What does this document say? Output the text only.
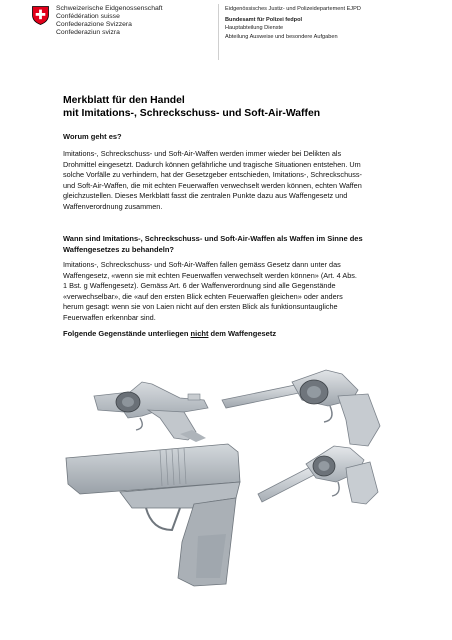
Schweizerische Eidgenossenschaft
Confédération suisse
Confederazione Svizzera
Confederaziun svizra
Eidgenössisches Justiz- und Polizeidepartement EJPD
Bundesamt für Polizei fedpol
Hauptabteilung Dienste
Abteilung Ausweise und besondere Aufgaben
Merkblatt für den Handel
mit Imitations-, Schreckschuss- und Soft-Air-Waffen
Worum geht es?
Imitations-, Schreckschuss- und Soft-Air-Waffen werden immer wieder bei Delikten als
Drohmittel eingesetzt. Dadurch können gefährliche und tragische Situationen entstehen. Um
solche Vorfälle zu verhindern, hat der Gesetzgeber entschieden, Imitations-, Schreckschuss-
und Soft-Air-Waffen, die mit echten Feuerwaffen verwechselt werden können, echten Waffen
gleichzustellen. Dieses Merkblatt fasst die zentralen Punkte dazu aus Waffengesetz und
Waffenverordnung zusammen.
Wann sind Imitations-, Schreckschuss- und Soft-Air-Waffen als Waffen im Sinne des
Waffengesetzes zu behandeln?
Imitations-, Schreckschuss- und Soft-Air-Waffen fallen gemäss Gesetz dann unter das
Waffengesetz, «wenn sie mit echten Feuerwaffen verwechselt werden können» (Art. 4 Abs.
1 Bst. g Waffengesetz). Gemäss Art. 6 der Waffenverordnung sind alle Gegenstände
«verwechselbar», die «auf den ersten Blick echten Feuerwaffen gleichen» oder anders
herum gesagt: wenn sie von Laien nicht auf den ersten Blick als funktionsuntaugliche
Feuerwaffen erkennbar sind.
Folgende Gegenstände unterliegen nicht dem Waffengesetz
